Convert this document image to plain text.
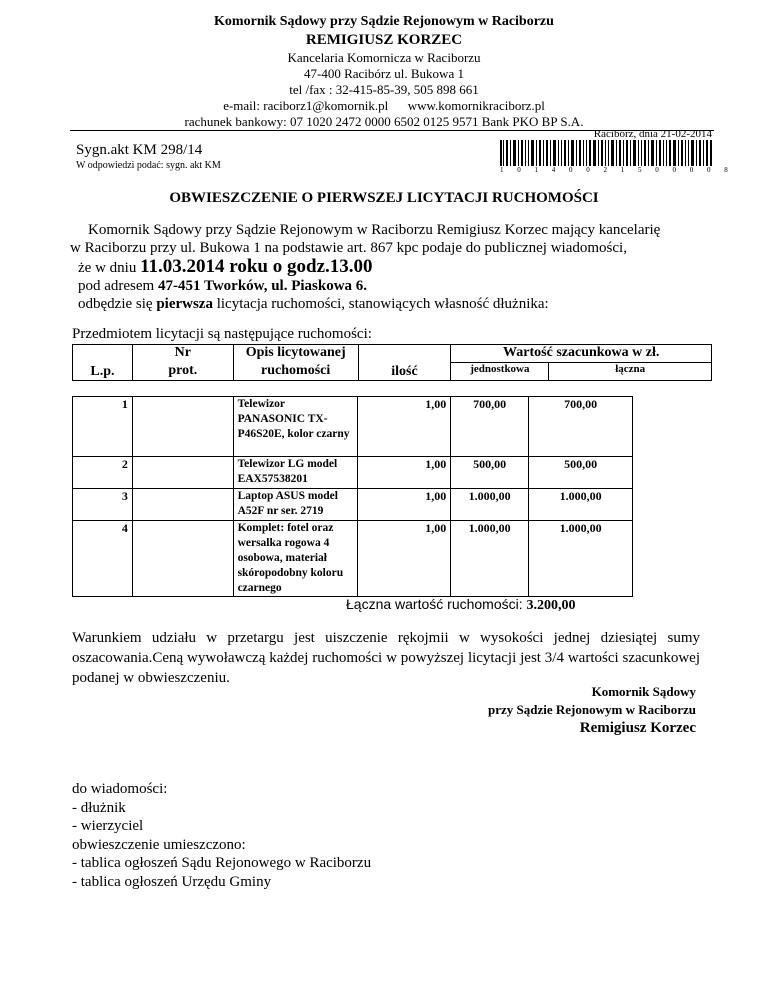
Komornik Sądowy przy Sądzie Rejonowym w Raciborzu
REMIGIUSZ KORZEC
Kancelaria Komornicza w Raciborzu
47-400 Racibórz ul. Bukowa 1
tel /fax : 32-415-85-39, 505 898 661
e-mail: raciborz1@komornik.pl www.komornikraciborz.pl
rachunek bankowy: 07 1020 2472 0000 6502 0125 9571 Bank PKO BP S.A.
Racibórz, dnia 21-02-2014
Sygn.akt KM 298/14
W odpowiedzi podać: sygn. akt KM	1 0 1 4 0 0 2 1 5 0 0 0 0 8
OBWIESZCZENIE O PIERWSZEJ LICYTACJI RUCHOMOŚCI
Komornik Sądowy przy Sądzie Rejonowym w Raciborzu Remigiusz Korzec mający kancelarię
w Raciborzu przy ul. Bukowa 1 na podstawie art. 867 kpc podaje do publicznej wiadomości,
że w dniu 11.03.2014 roku o godz.13.00
pod adresem 47-451 Tworków, ul. Piaskowa 6.
odbędzie się pierwsza licytacja ruchomości, stanowiących własność dłużnika:
Przedmiotem licytacji są następujące ruchomości:
L.p.	Nr	Opis licytowanej	ilość	Wartość szacunkowa w zł.	
	prot.	ruchomości		jednostkowa	łączna
1		Telewizor PANASONIC TX-P46S20E, kolor czarny	1,00	700,00	700,00
2		Telewizor LG model EAX57538201	1,00	500,00	500,00
3		Laptop ASUS model A52F nr ser. 2719	1,00	1.000,00	1.000,00
4		Komplet: fotel oraz wersalka rogowa 4 osobowa, materiał skóropodobny koloru czarnego	1,00	1.000,00	1.000,00
Łączna wartość ruchomości: 3.200,00
Warunkiem udziału w przetargu jest uiszczenie rękojmii w wysokości jednej dziesiątej sumy oszacowania.Ceną wywoławczą każdej ruchomości w powyższej licytacji jest 3/4 wartości szacunkowej podanej w obwieszczeniu.
Komornik Sądowy
przy Sądzie Rejonowym w Raciborzu
Remigiusz Korzec
do wiadomości:
- dłużnik
- wierzyciel
obwieszczenie umieszczono:
- tablica ogłoszeń Sądu Rejonowego w Raciborzu
- tablica ogłoszeń Urzędu Gminy
